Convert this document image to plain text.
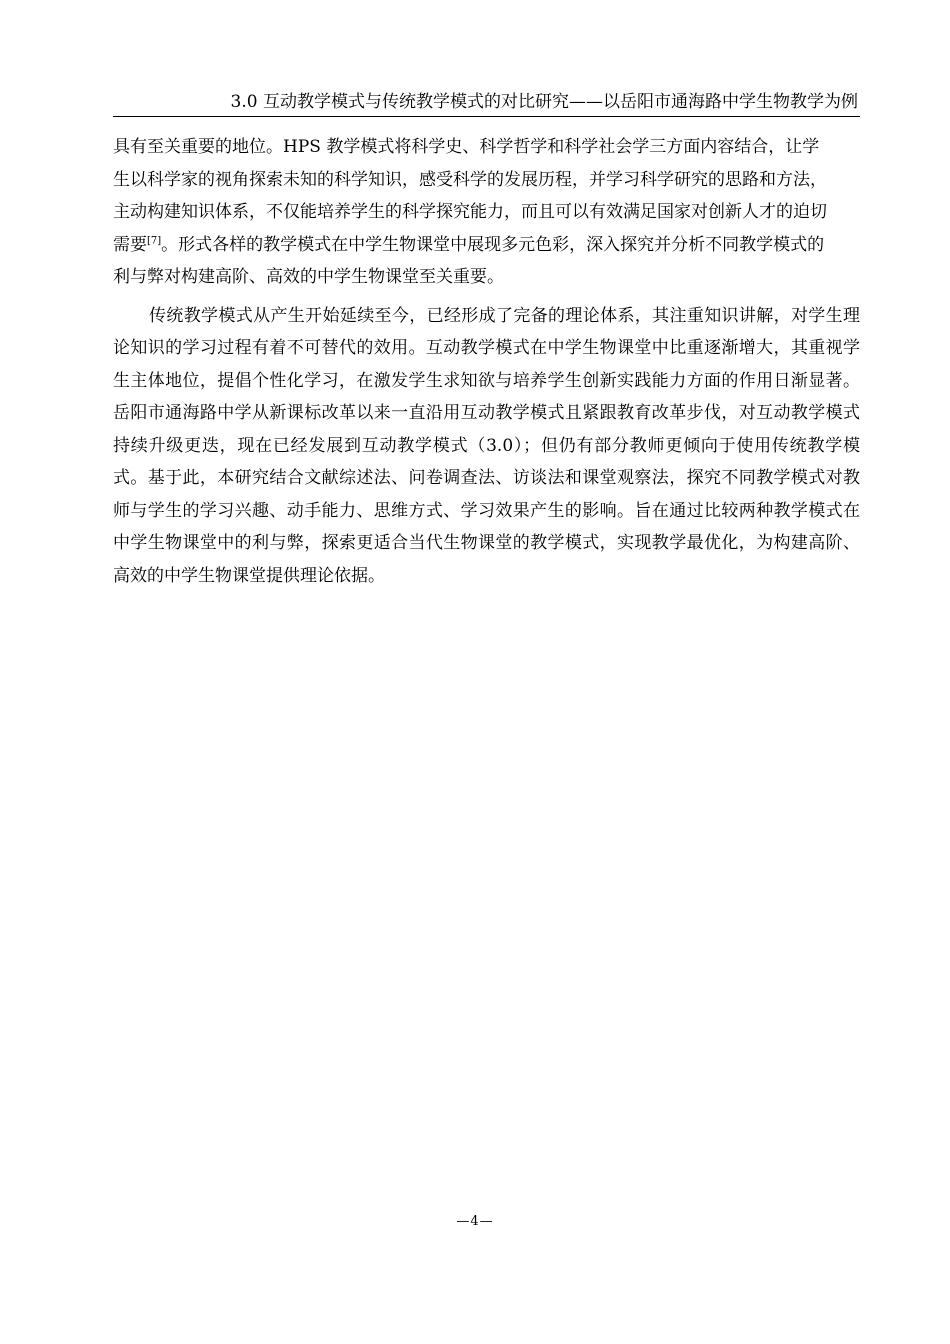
3.0 互动教学模式与传统教学模式的对比研究——以岳阳市通海路中学生物教学为例

具有至关重要的地位。HPS 教学模式将科学史、科学哲学和科学社会学三方面内容结合，让学生以科学家的视角探索未知的科学知识，感受科学的发展历程，并学习科学研究的思路和方法，主动构建知识体系，不仅能培养学生的科学探究能力，而且可以有效满足国家对创新人才的迫切需要[7]。形式各样的教学模式在中学生物课堂中展现多元色彩，深入探究并分析不同教学模式的利与弊对构建高阶、高效的中学生物课堂至关重要。

传统教学模式从产生开始延续至今，已经形成了完备的理论体系，其注重知识讲解，对学生理论知识的学习过程有着不可替代的效用。互动教学模式在中学生物课堂中比重逐渐增大，其重视学生主体地位，提倡个性化学习，在激发学生求知欲与培养学生创新实践能力方面的作用日渐显著。岳阳市通海路中学从新课标改革以来一直沿用互动教学模式且紧跟教育改革步伐，对互动教学模式持续升级更迭，现在已经发展到互动教学模式（3.0）；但仍有部分教师更倾向于使用传统教学模式。基于此，本研究结合文献综述法、问卷调查法、访谈法和课堂观察法，探究不同教学模式对教师与学生的学习兴趣、动手能力、思维方式、学习效果产生的影响。旨在通过比较两种教学模式在中学生物课堂中的利与弊，探索更适合当代生物课堂的教学模式，实现教学最优化，为构建高阶、高效的中学生物课堂提供理论依据。

—4—
